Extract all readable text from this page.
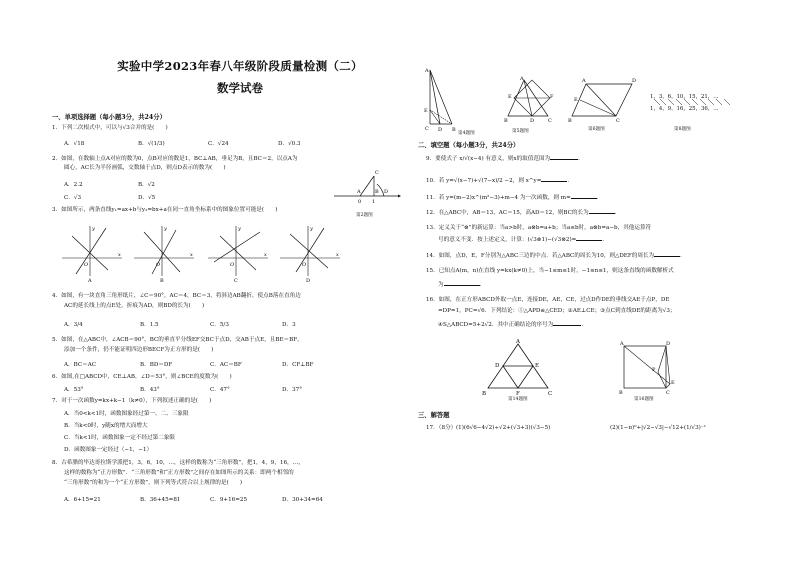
实验中学2023年春八年级阶段质量检测（二）
数学试卷
一、单项选择题（每小题3分，共24分）
1．下列二次根式中，可以与√3合并的是(　　)
A．√18	B．√(1/3)	C．√24	D．√0.3
2．如图，在数轴上点A对应的数为0，点B对应的数是1，BC⊥AB，垂足为B，且BC＝2，以点A为
圆心，AC长为半径画弧，交数轴于点D，则点D表示的数为(　　)
A．2.2	B．√2
C．√3	D．√5
C
D
A	B
0 1
第2题图
3．如图所示，两条直线y₁=ax+b与y₂=bx+a在同一直角坐标系中的图象位置可能是(　　)
x
y
O
A
x
y
O
B
x
y
O
C
x
y
O
D
4．如图，有一块直角三角形纸片，∠C＝90°，AC＝4，BC＝3，将斜边AB翻折，使点B落在直角边
AC的延长线上的点E处，折痕为AD，则BD的长为(　　)
A．3/4	B．1.5	C．5/3	D．3
5．如图，在△ABC中，∠ACB＝90°，BC的垂直平分线EF交BC于点D，交AB于点E，且BE＝BF，
添加一个条件，仍不能证明四边形BECF为正方形的是(　　)
A．BC＝AC	B．BD＝DF	C．AC＝BF	D．CF⊥BF
6．如图,在□ABCD中，CE⊥AB，∠D＝53°，则∠BCE的度数为(　　)
A．53°	B．43°	C．47°	D．37°
7．对于一次函数y=kx+k−1（k≠0），下列叙述正确的是(　　)
A．当0<k<1时，函数图象经过第一、二、三象限
B．当k<0时，y随x的增大而增大
C．当k<1时，函数图象一定不经过第二象限
D．函数图象一定经过（−1，−1）
8．古希腊的毕达哥拉斯学派把1，3，6，10，…，这样的数称为“三角形数”，把1，4，9，16，…，
这样的数称为“正方形数”．“三角形数”和“正方形数”之间存在如图所示的关系：即两个相邻的
“三角形数”的和为一个“正方形数”，则下列等式符合以上规律的是(　　)
A．6+15=21	B．36+45=81	C．9+16=25	D．30+34=64
A
E
C D B
第4题图
A
E
B	D	C
F
第5题图
A	D
B
E
C
第6题图
1，3，6，10，15，21，…
1，4，9，16，25，36，…
第8题图
二、填空题（每小题3分，共24分）
9．要使式子 x/√(x−4) 有意义，则x的取值范围为	．
10．若 y=√(x−7)+√(7−x)/2 −2，则 x^y=	．
11．若 y=(m−2)x^(m²−3)+m−4 为一次函数，则 m=	．
12．在△ABC中，AB＝13，AC＝15，高AD＝12，则BC的长为	．
13．定义关于“⊗”的新运算：当a>b时，a⊗b=a+b；当a≤b时，a⊗b=a−b，其他运算符
号的意义不变．按上述定义，计算：(√3⊗1)−(√3⊗2)=	．
14．如图，点D，E，F分别为△ABC三边的中点．若△ABC的周长为10，则△DEF的周长为	．
15．已知点A(m，n)在直线 y=kx(k≠0)上，当−1≤m≤1时，−1≤n≤1，则这条直线的函数解析式
为	．
16．如图，在正方形ABCD外取一点E，连接DE，AE，CE，过点D作DE的垂线交AE于点P，DE
=DP=1，PC=√6．下列结论：①△APD≌△CED；②AE⊥CE；③点C到直线DE的距离为√3；
④S△ABCD=5+2√2．其中正确结论的序号为	．
A
D	E
B	F	C
第14题图
A	D
P
E
B	C
第16题图
三、解答题
17．（8分） (1)(6√6−4√2)÷√2+(√3+3)(√3−5)	(2)(1−π)⁰+|√2−√3|−√12+(1/√3)⁻¹
